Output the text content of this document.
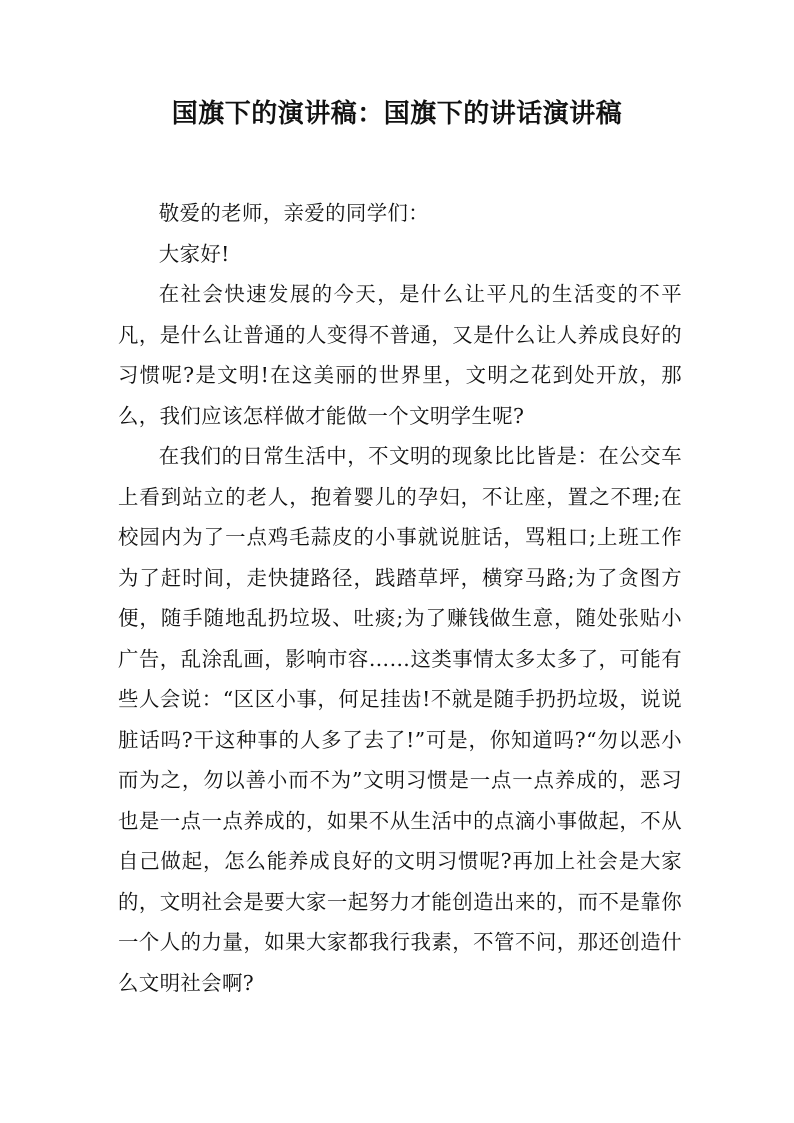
国旗下的演讲稿：国旗下的讲话演讲稿

敬爱的老师，亲爱的同学们：

大家好!

在社会快速发展的今天，是什么让平凡的生活变的不平凡，是什么让普通的人变得不普通，又是什么让人养成良好的习惯呢?是文明!在这美丽的世界里，文明之花到处开放，那么，我们应该怎样做才能做一个文明学生呢?

在我们的日常生活中，不文明的现象比比皆是：在公交车上看到站立的老人，抱着婴儿的孕妇，不让座，置之不理;在校园内为了一点鸡毛蒜皮的小事就说脏话，骂粗口;上班工作为了赶时间，走快捷路径，践踏草坪，横穿马路;为了贪图方便，随手随地乱扔垃圾、吐痰;为了赚钱做生意，随处张贴小广告，乱涂乱画，影响市容……这类事情太多太多了，可能有些人会说：“区区小事，何足挂齿!不就是随手扔扔垃圾，说说脏话吗?干这种事的人多了去了!”可是，你知道吗?“勿以恶小而为之，勿以善小而不为”文明习惯是一点一点养成的，恶习也是一点一点养成的，如果不从生活中的点滴小事做起，不从自己做起，怎么能养成良好的文明习惯呢?再加上社会是大家的，文明社会是要大家一起努力才能创造出来的，而不是靠你一个人的力量，如果大家都我行我素，不管不问，那还创造什么文明社会啊?
